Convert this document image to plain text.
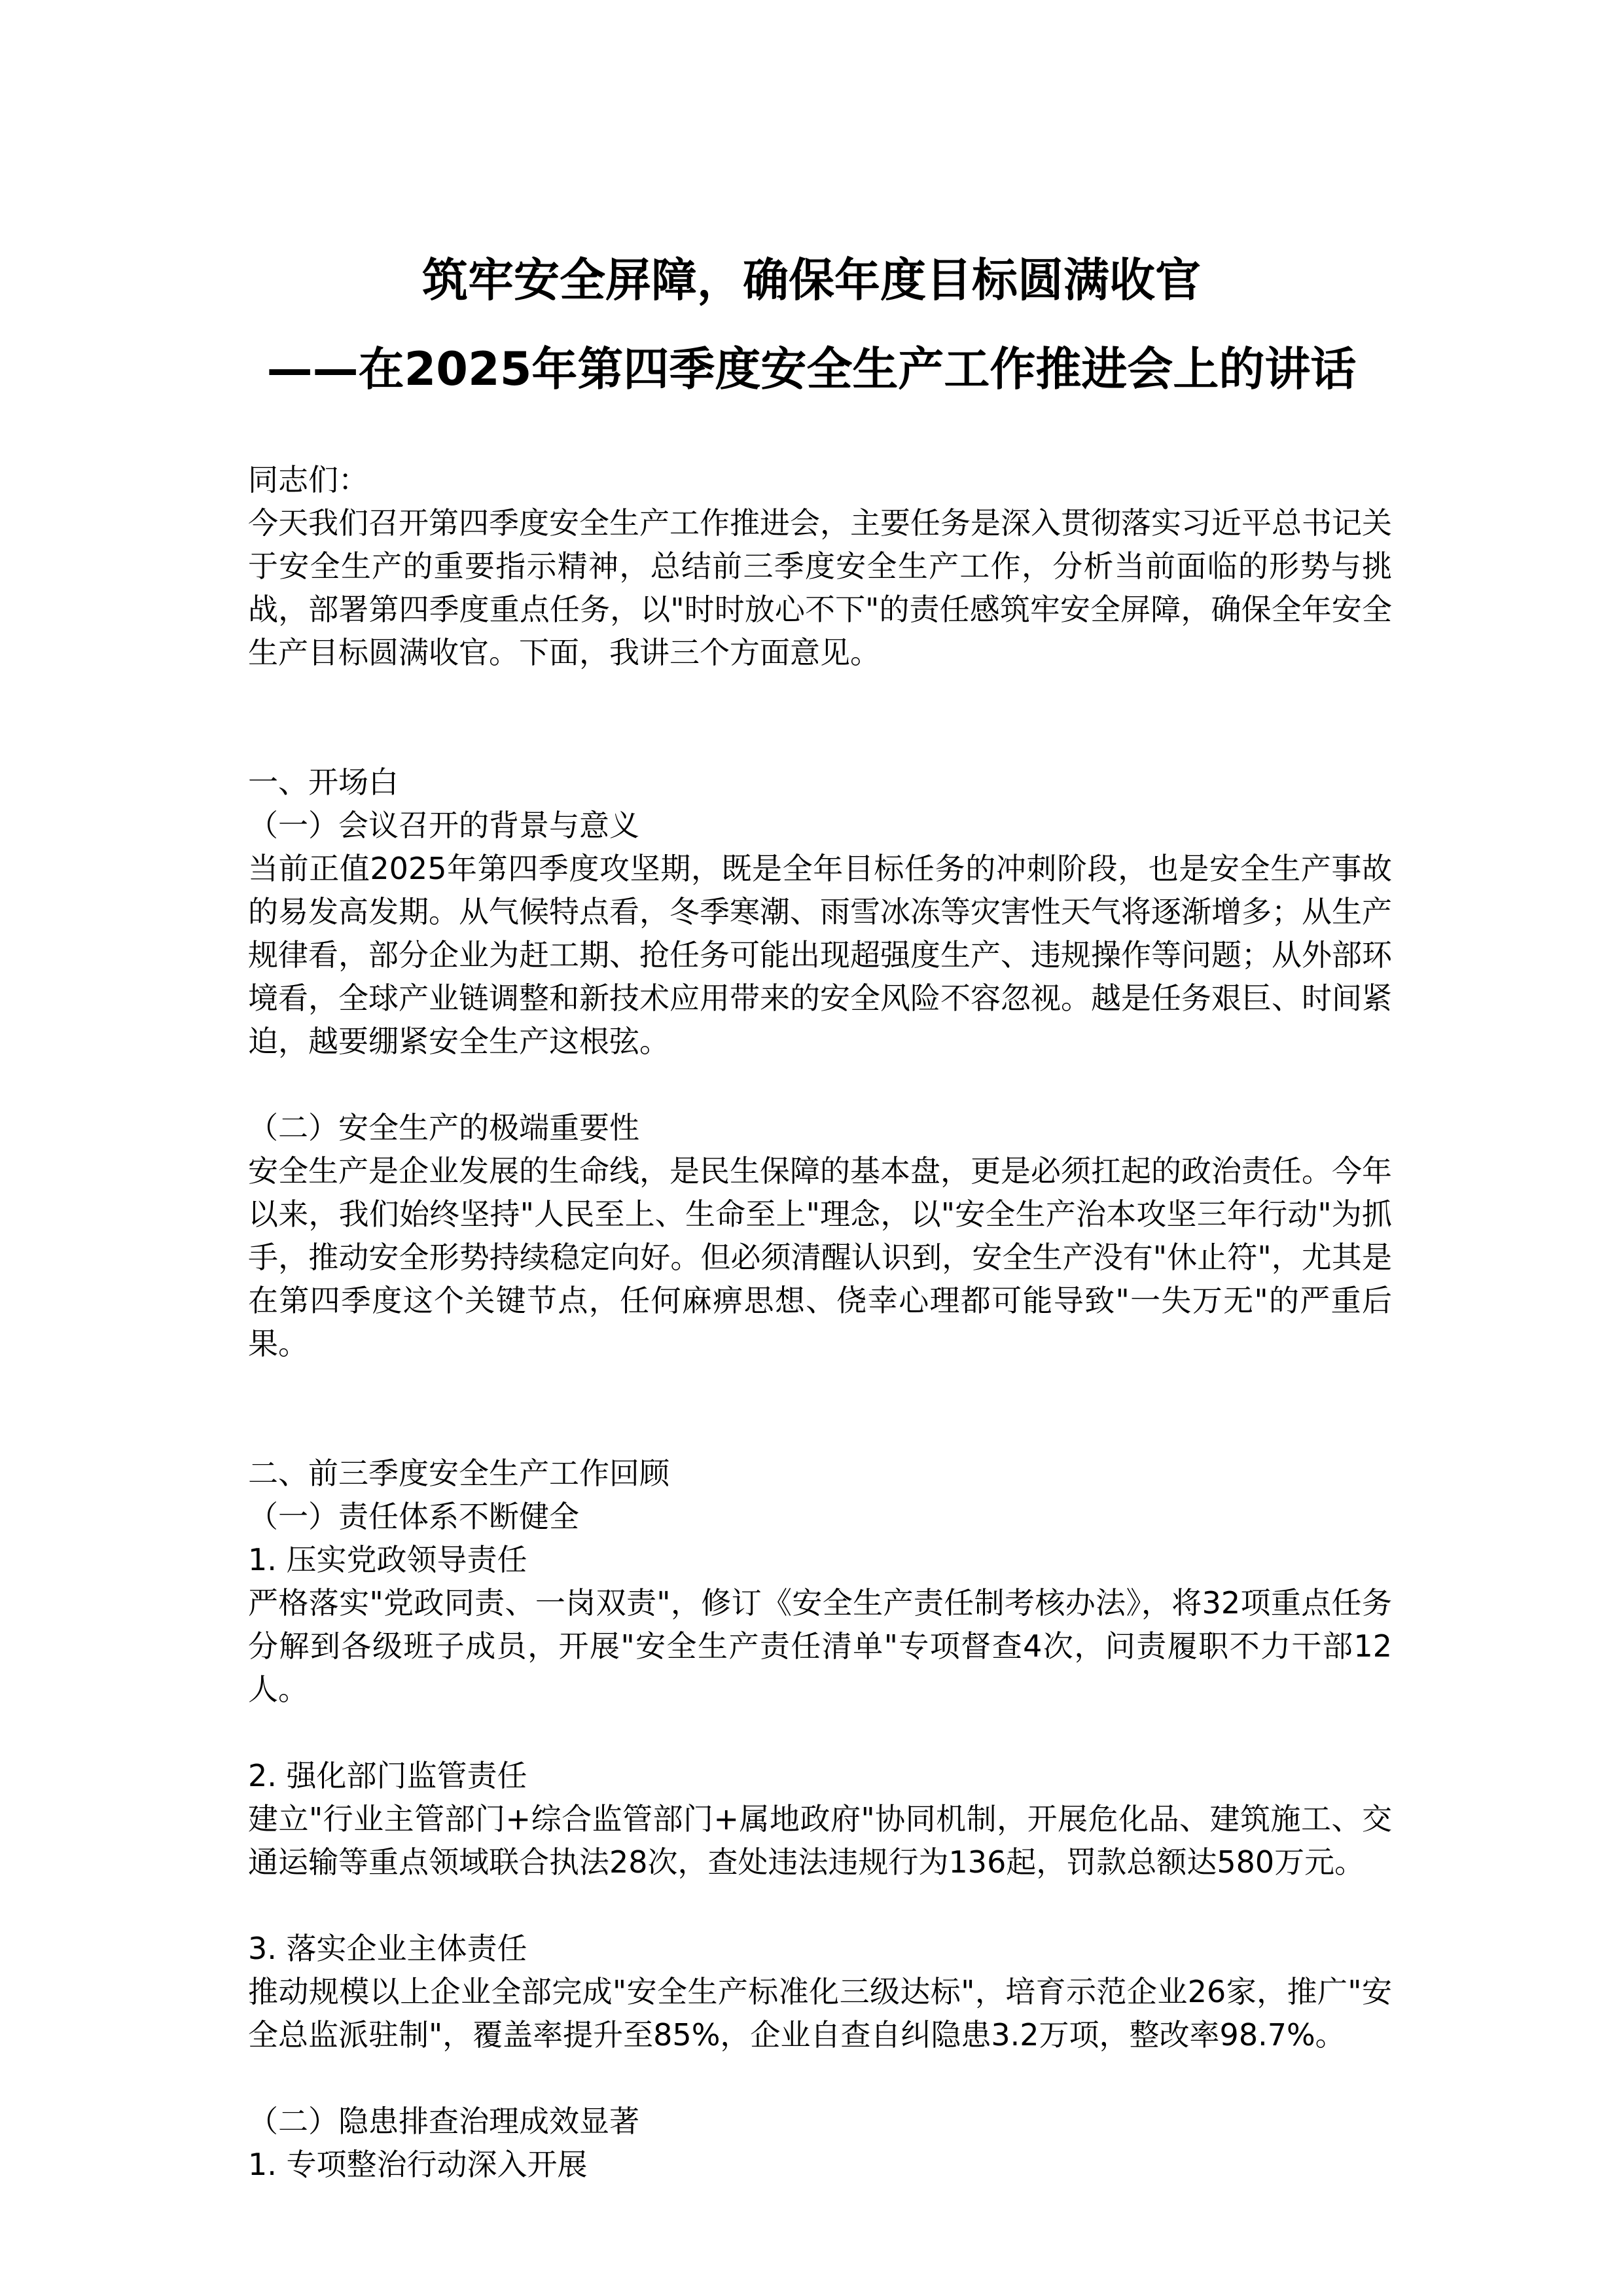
筑牢安全屏障，确保年度目标圆满收官
——在2025年第四季度安全生产工作推进会上的讲话

同志们：

今天我们召开第四季度安全生产工作推进会，主要任务是深入贯彻落实习近平总书记关于安全生产的重要指示精神，总结前三季度安全生产工作，分析当前面临的形势与挑战，部署第四季度重点任务，以"时时放心不下"的责任感筑牢安全屏障，确保全年安全生产目标圆满收官。下面，我讲三个方面意见。

一、开场白

（一）会议召开的背景与意义

当前正值2025年第四季度攻坚期，既是全年目标任务的冲刺阶段，也是安全生产事故的易发高发期。从气候特点看，冬季寒潮、雨雪冰冻等灾害性天气将逐渐增多；从生产规律看，部分企业为赶工期、抢任务可能出现超强度生产、违规操作等问题；从外部环境看，全球产业链调整和新技术应用带来的安全风险不容忽视。越是任务艰巨、时间紧迫，越要绷紧安全生产这根弦。

（二）安全生产的极端重要性

安全生产是企业发展的生命线，是民生保障的基本盘，更是必须扛起的政治责任。今年以来，我们始终坚持"人民至上、生命至上"理念，以"安全生产治本攻坚三年行动"为抓手，推动安全形势持续稳定向好。但必须清醒认识到，安全生产没有"休止符"，尤其是在第四季度这个关键节点，任何麻痹思想、侥幸心理都可能导致"一失万无"的严重后果。

二、前三季度安全生产工作回顾

（一）责任体系不断健全

1. 压实党政领导责任

严格落实"党政同责、一岗双责"，修订《安全生产责任制考核办法》，将32项重点任务分解到各级班子成员，开展"安全生产责任清单"专项督查4次，问责履职不力干部12人。

2. 强化部门监管责任

建立"行业主管部门+综合监管部门+属地政府"协同机制，开展危化品、建筑施工、交通运输等重点领域联合执法28次，查处违法违规行为136起，罚款总额达580万元。

3. 落实企业主体责任

推动规模以上企业全部完成"安全生产标准化三级达标"，培育示范企业26家，推广"安全总监派驻制"，覆盖率提升至85%，企业自查自纠隐患3.2万项，整改率98.7%。

（二）隐患排查治理成效显著

1. 专项整治行动深入开展
